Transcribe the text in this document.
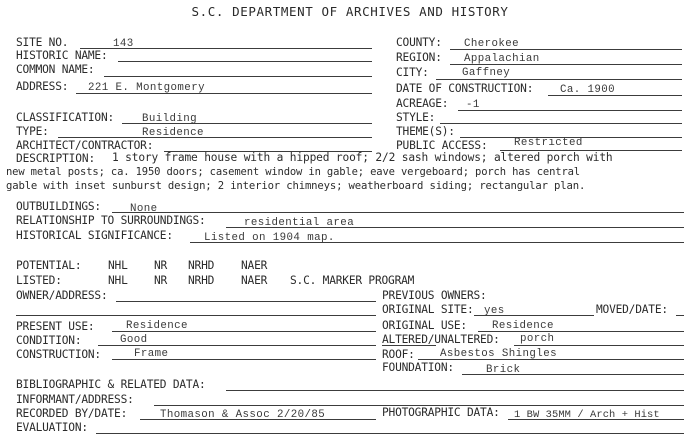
S.C. DEPARTMENT OF ARCHIVES AND HISTORY
SITE NO.	143
HISTORIC NAME:
COMMON NAME:
ADDRESS: 221 E. Montgomery
COUNTY: Cherokee
REGION: Appalachian
CITY:	Gaffney
DATE OF CONSTRUCTION: Ca. 1900
ACREAGE: -1
CLASSIFICATION:	Building
TYPE:	Residence
ARCHITECT/CONTRACTOR:
STYLE:
THEME(S):
PUBLIC ACCESS: Restricted
DESCRIPTION: 1 story frame house with a hipped roof; 2/2 sash windows; altered porch with
new metal posts; ca. 1950 doors; casement window in gable; eave vergeboard; porch has central
gable with inset sunburst design; 2 interior chimneys; weatherboard siding; rectangular plan.
OUTBUILDINGS:	None
RELATIONSHIP TO SURROUNDINGS:	residential area
HISTORICAL SIGNIFICANCE:	Listed on 1904 map.
POTENTIAL: NHL NR NRHD NAER
LISTED:	NHL NR NRHD NAER S.C. MARKER PROGRAM
OWNER/ADDRESS:	PREVIOUS OWNERS:
ORIGINAL SITE: yes	MOVED/DATE:
PRESENT USE:	Residence	ORIGINAL USE: Residence
CONDITION:	Good	ALTERED/UNALTERED: porch
CONSTRUCTION:	Frame	ROOF: Asbestos Shingles
FOUNDATION:	Brick
BIBLIOGRAPHIC & RELATED DATA:
INFORMANT/ADDRESS:
RECORDED BY/DATE:	Thomason & Assoc 2/20/85	PHOTOGRAPHIC DATA: 1 BW 35MM / Arch + Hist
EVALUATION:
